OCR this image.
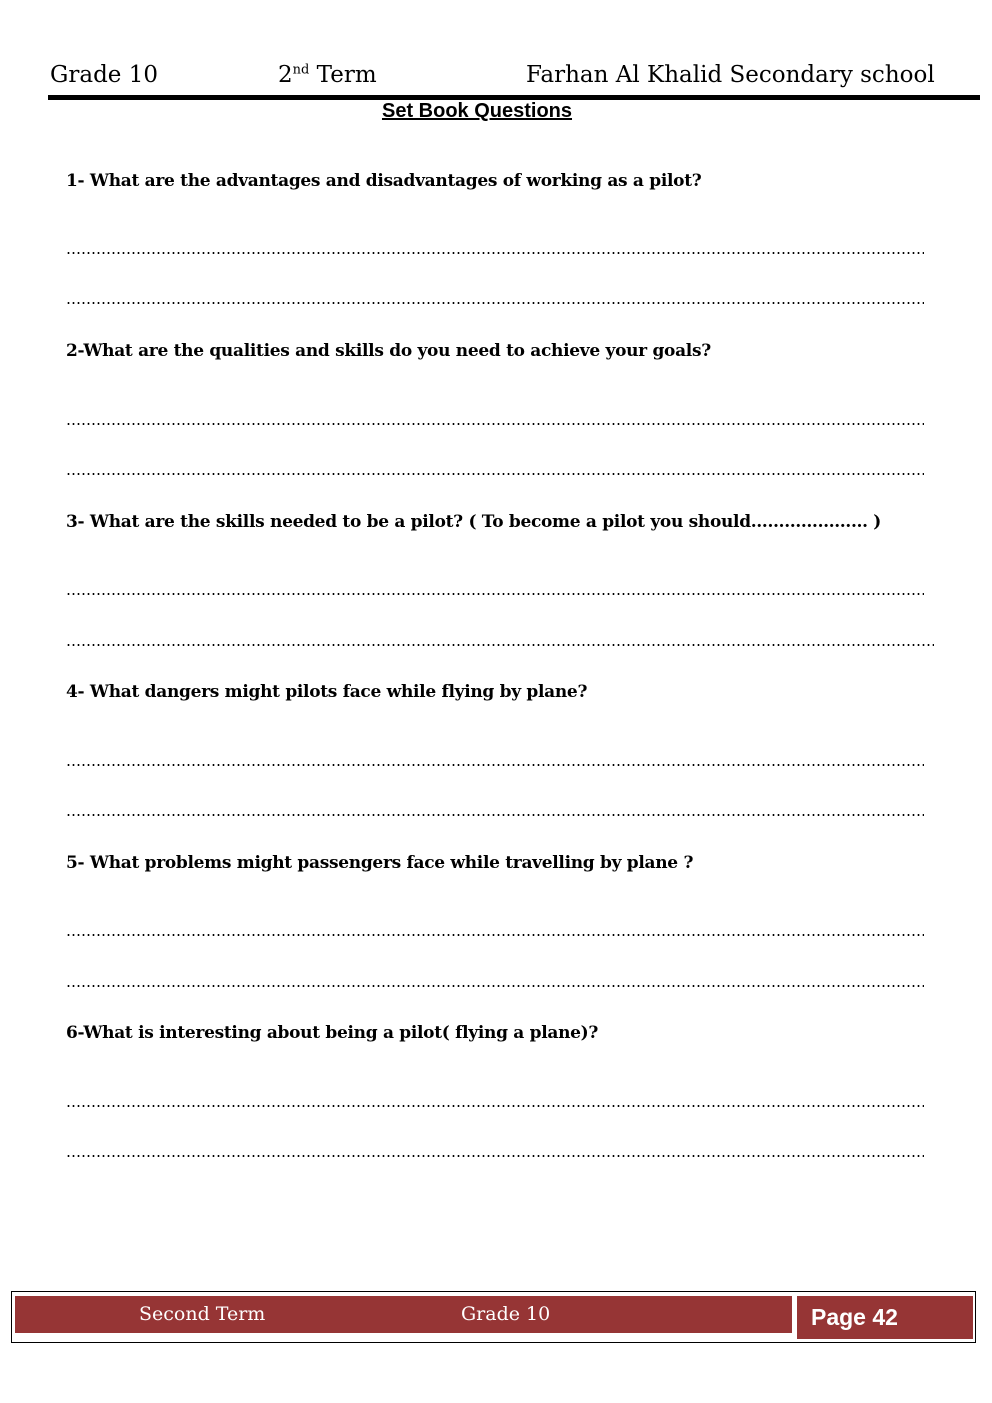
Grade 10	2nd Term	Farhan Al Khalid Secondary school
Set Book Questions
1- What are the advantages and disadvantages of working as a pilot?
2-What are the qualities and skills do you need to achieve your goals?
3- What are the skills needed to be a pilot? ( To become a pilot you should………………… )
4- What dangers might pilots face while flying by plane?
5- What problems might passengers face while travelling by plane ?
6-What is interesting about being a pilot( flying a plane)?
Second Term	Grade 10	Page 42
